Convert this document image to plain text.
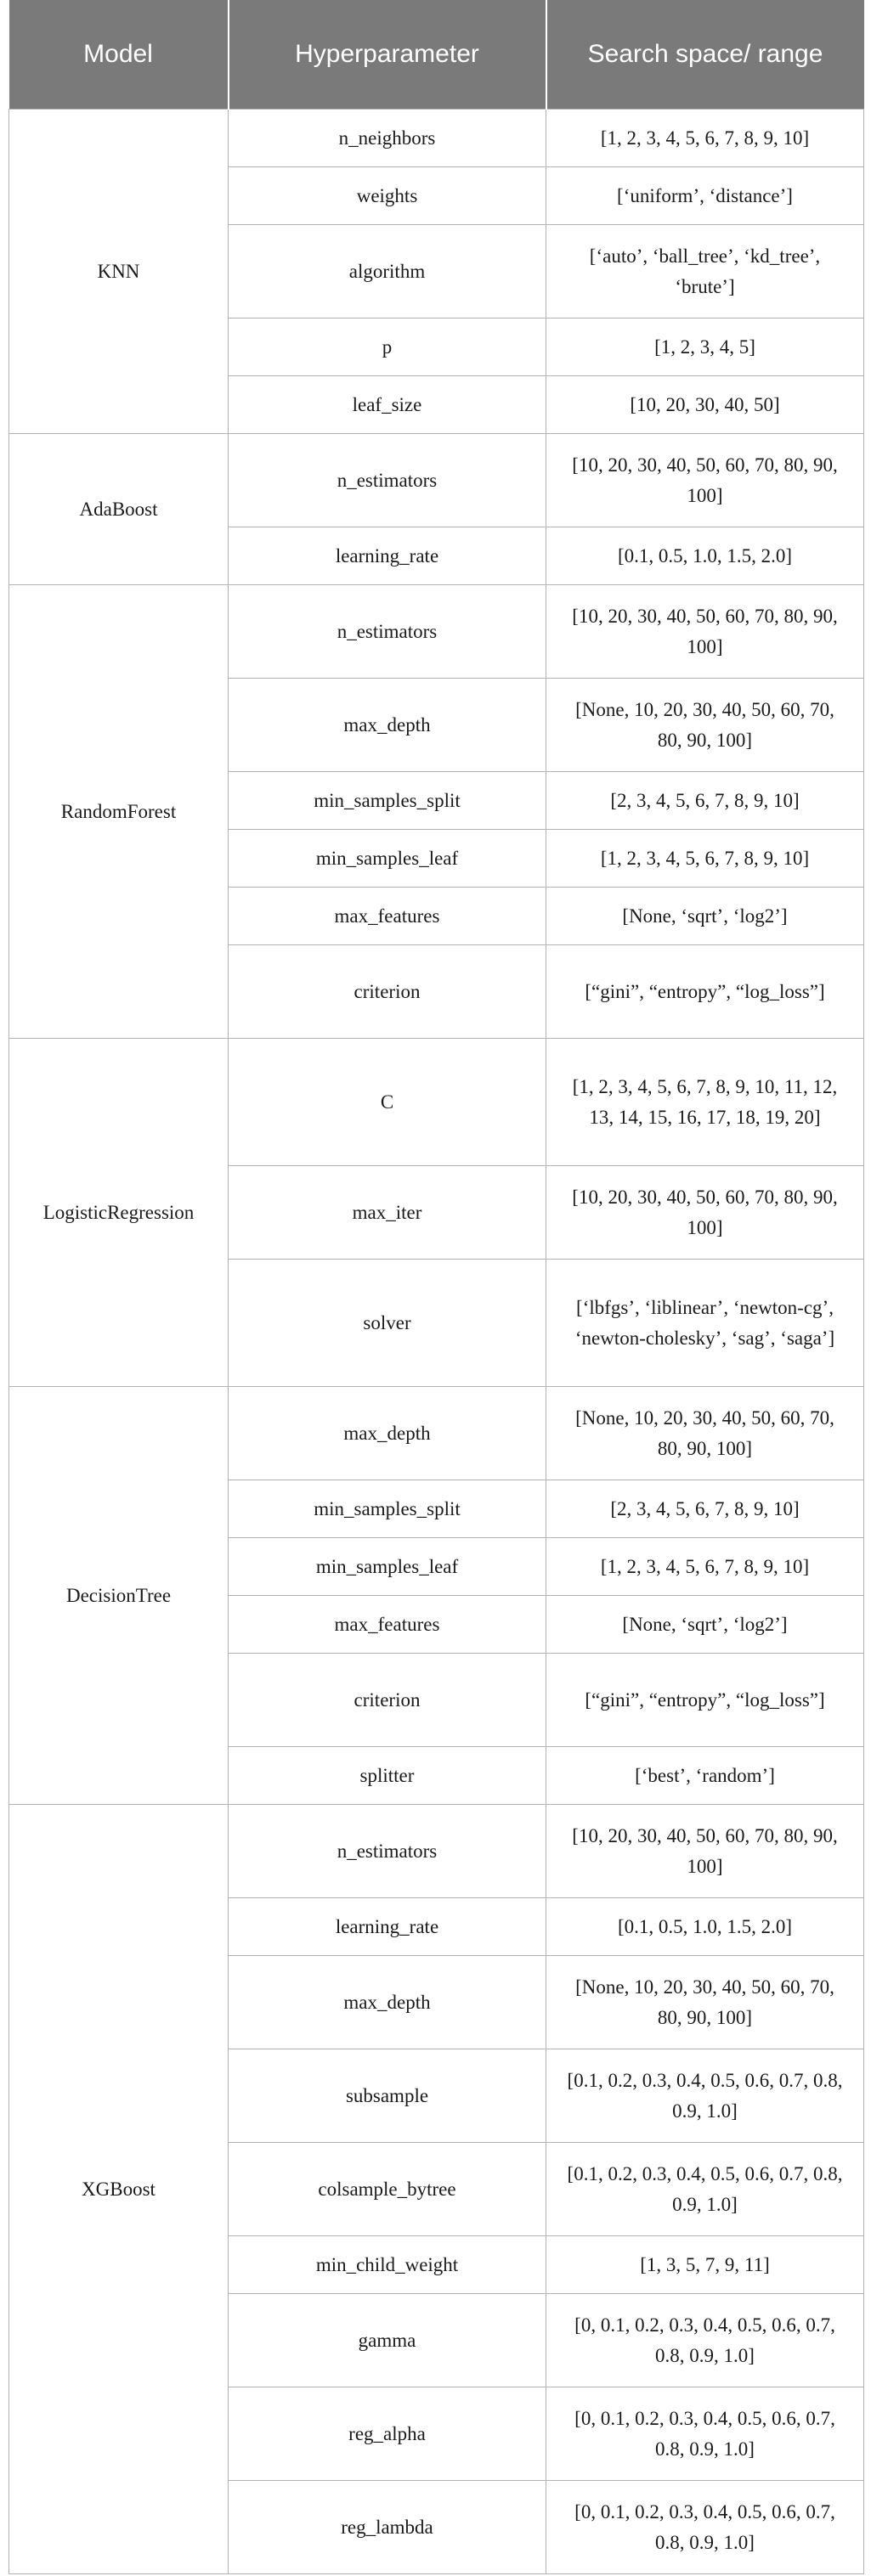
Model	Hyperparameter	Search space/ range
KNN	n_neighbors	[1, 2, 3, 4, 5, 6, 7, 8, 9, 10]
	weights	[‘uniform’, ‘distance’]
	algorithm	[‘auto’, ‘ball_tree’, ‘kd_tree’, ‘brute’]
	p	[1, 2, 3, 4, 5]
	leaf_size	[10, 20, 30, 40, 50]
AdaBoost	n_estimators	[10, 20, 30, 40, 50, 60, 70, 80, 90, 100]
	learning_rate	[0.1, 0.5, 1.0, 1.5, 2.0]
RandomForest	n_estimators	[10, 20, 30, 40, 50, 60, 70, 80, 90, 100]
	max_depth	[None, 10, 20, 30, 40, 50, 60, 70, 80, 90, 100]
	min_samples_split	[2, 3, 4, 5, 6, 7, 8, 9, 10]
	min_samples_leaf	[1, 2, 3, 4, 5, 6, 7, 8, 9, 10]
	max_features	[None, ‘sqrt’, ‘log2’]
	criterion	[“gini”, “entropy”, “log_loss”]
LogisticRegression	C	[1, 2, 3, 4, 5, 6, 7, 8, 9, 10, 11, 12, 13, 14, 15, 16, 17, 18, 19, 20]
	max_iter	[10, 20, 30, 40, 50, 60, 70, 80, 90, 100]
	solver	[‘lbfgs’, ‘liblinear’, ‘newton-cg’, ‘newton-cholesky’, ‘sag’, ‘saga’]
DecisionTree	max_depth	[None, 10, 20, 30, 40, 50, 60, 70, 80, 90, 100]
	min_samples_split	[2, 3, 4, 5, 6, 7, 8, 9, 10]
	min_samples_leaf	[1, 2, 3, 4, 5, 6, 7, 8, 9, 10]
	max_features	[None, ‘sqrt’, ‘log2’]
	criterion	[“gini”, “entropy”, “log_loss”]
	splitter	[‘best’, ‘random’]
XGBoost	n_estimators	[10, 20, 30, 40, 50, 60, 70, 80, 90, 100]
	learning_rate	[0.1, 0.5, 1.0, 1.5, 2.0]
	max_depth	[None, 10, 20, 30, 40, 50, 60, 70, 80, 90, 100]
	subsample	[0.1, 0.2, 0.3, 0.4, 0.5, 0.6, 0.7, 0.8, 0.9, 1.0]
	colsample_bytree	[0.1, 0.2, 0.3, 0.4, 0.5, 0.6, 0.7, 0.8, 0.9, 1.0]
	min_child_weight	[1, 3, 5, 7, 9, 11]
	gamma	[0, 0.1, 0.2, 0.3, 0.4, 0.5, 0.6, 0.7, 0.8, 0.9, 1.0]
	reg_alpha	[0, 0.1, 0.2, 0.3, 0.4, 0.5, 0.6, 0.7, 0.8, 0.9, 1.0]
	reg_lambda	[0, 0.1, 0.2, 0.3, 0.4, 0.5, 0.6, 0.7, 0.8, 0.9, 1.0]
